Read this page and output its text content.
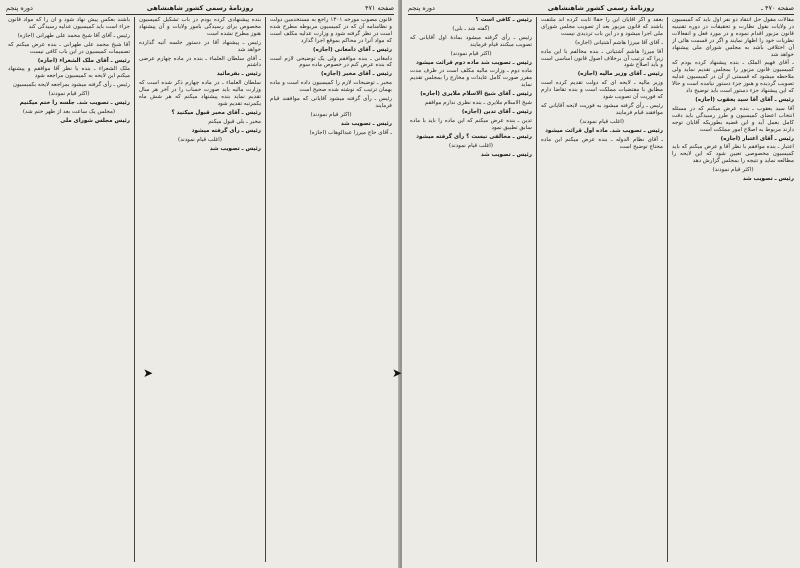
صفحه ۴۷۱
روزنامهٔ رسمی کشور شاهنشاهی
دوره پنجم

قانون مصوب مورخه ۱۳۰۱ راجع به مستخدمین دولت و نظامنامه آن که در کمیسیون مربوطه مطرح شده است در نظر گرفته شود و وزارت عدلیه مکلف است که مواد آنرا در محاکم بموقع اجرا گذارد

رئیس ـ آقای دامغانی (اجازه)

دامغانی ـ بنده موافقم ولی یک توضیحی لازم است که بنده عرض کنم در خصوص ماده سوم

رئیس ـ آقای مخبر (اجازه)

مخبر ـ توضیحات لازم را کمیسیون داده است و ماده بهمان ترتیب که نوشته شده صحیح است

رئیس ـ رأی گرفته میشود آقایانی که موافقند قیام فرمایند

(اکثر قیام نمودند)

رئیس ـ تصویب شد

ـ آقای حاج میرزا عبدالوهاب (اجازه)

بنده پیشنهادی کرده بودم در باب تشکیل کمیسیون مخصوص برای رسیدگی بامور ولایات و آن پیشنهاد هنوز مطرح نشده است

رئیس ـ پیشنهاد آقا در دستور جلسه آتیه گذارده خواهد شد

ـ آقای سلطان العلماء ـ بنده در ماده چهارم عرضی داشتم

رئیس ـ بفرمائید

سلطان العلماء ـ در ماده چهارم ذکر شده است که وزارت مالیه باید صورت حساب را در آخر هر سال تقدیم نماید بنده پیشنهاد میکنم که هر شش ماه یکمرتبه تقدیم شود

رئیس ـ آقای مخبر قبول میکنید ؟

مخبر ـ بلی قبول میکنم

رئیس ـ رأی گرفته میشود

(اغلب قیام نمودند)

رئیس ـ تصویب شد

باشند بعکس پیش نهاد شود و آن را که مواد قانون جزاء است باید کمیسیون عدلیه رسیدگی کند

رئیس ـ آقای آقا شیخ محمد علی طهرانی (اجازه)

آقا شیخ محمد علی طهرانی ـ بنده عرض میکنم که تصمیمات کمیسیون در این باب کافی نیست

رئیس ـ آقای ملک الشعراء (اجازه)

ملک الشعراء ـ بنده با نظر آقا موافقم و پیشنهاد میکنم این لایحه به کمیسیون مراجعه شود

رئیس ـ رأی گرفته میشود بمراجعه لایحه بکمیسیون

(اکثر قیام نمودند)

رئیس ـ تصویب شد. جلسه را ختم میکنیم

(مجلس یک ساعت بعد از ظهر ختم شد)

رئیس مجلس شورای ملی

صفحه ۴۷۰ ـ
روزنامهٔ رسمی کشور شاهنشاهی
دوره پنجم

مقالات مقول حل انتقاد دو نفر اول باید که کمیسیون در ولایات بقول نظارت و تحقیقات در دوره تقنینیه قانون مزبور اقدام نموده و در مورد فعل و انفعالات نظریات خود را اظهار نمایند و اگر در قسمت هائی از آن اختلافی باشد به مجلس شورای ملی پیشنهاد خواهد شد

ـ آقای فهیم الملک ـ بنده پیشنهاد کرده بودم که کمیسیون قانون مزبور را بمجلس تقدیم نماید ولی ملاحظه میشود که قسمتی از آن در کمیسیون عدلیه تصویب گردیده و هنوز جزء دستور نیامده است و حالا که این پیشنهاد جزء دستور است باید توضیح داد

رئیس ـ آقای آقا سید یعقوب (اجازه)

آقا سید یعقوب ـ بنده عرض میکنم که در مسئله انتخاب اعضای کمیسیون و طرز رسیدگی باید دقت کامل بعمل آید و این قضیه بطوریکه آقایان توجه دارند مربوط به اصلاح امور مملکت است

رئیس ـ آقای اعتبار (اجازه)

اعتبار ـ بنده موافقم با نظر آقا و عرض میکنم که باید کمیسیون مخصوصی تعیین شود که این لایحه را مطالعه نماید و نتیجه را بمجلس گزارش دهد

(اکثر قیام نمودند)

رئیس ـ تصویب شد

بعقد و اگر آقایان این را حقاًاً ثابت کرده اند ملتفت باشند که قانون مزبور بعد از تصویب مجلس شورای ملی اجرا میشود و در این باب تردیدی نیست

ـ آقای آقا میرزا هاشم آشتیانی (اجازه)

آقا میرزا هاشم آشتیانی ـ بنده مخالفم با این ماده زیرا که ترتیب آن برخلاف اصول قانون اساسی است و باید اصلاح شود

رئیس ـ آقای وزیر مالیه (اجازه)

وزیر مالیه ـ لایحه ای که دولت تقدیم کرده است مطابق با مقتضیات مملکت است و بنده تقاضا دارم که فوریت آن تصویب شود

رئیس ـ رأی گرفته میشود به فوریت لایحه آقایانی که موافقند قیام فرمایند

(اغلب قیام نمودند)

رئیس ـ تصویب شد. ماده اول قرائت میشود

ـ آقای نظام الدوله ـ بنده عرض میکنم این ماده محتاج توضیح است

رئیس ـ کافی است ؟

(گفته شد ـ بلی)

رئیس ـ رأی گرفته میشود بمادهٔ اول آقایانی که تصویب میکنند قیام فرمایند

(اکثر قیام نمودند)

رئیس ـ تصویب شد ماده دوم قرائت میشود

ماده دوم ـ وزارت مالیه مکلف است در ظرف مدت مقرر صورت کامل عایدات و مخارج را بمجلس تقدیم نماید

رئیس ـ آقای شیخ الاسلام ملایری (اجازه)

شیخ الاسلام ملایری ـ بنده نظری ندارم موافقم

رئیس ـ آقای تدین (اجازه)

تدین ـ بنده عرض میکنم که این ماده را باید با ماده سابق تطبیق نمود

رئیس ـ مخالفی نیست ؟ رأی گرفته میشود

(اغلب قیام نمودند)

رئیس ـ تصویب شد

➤	➤
